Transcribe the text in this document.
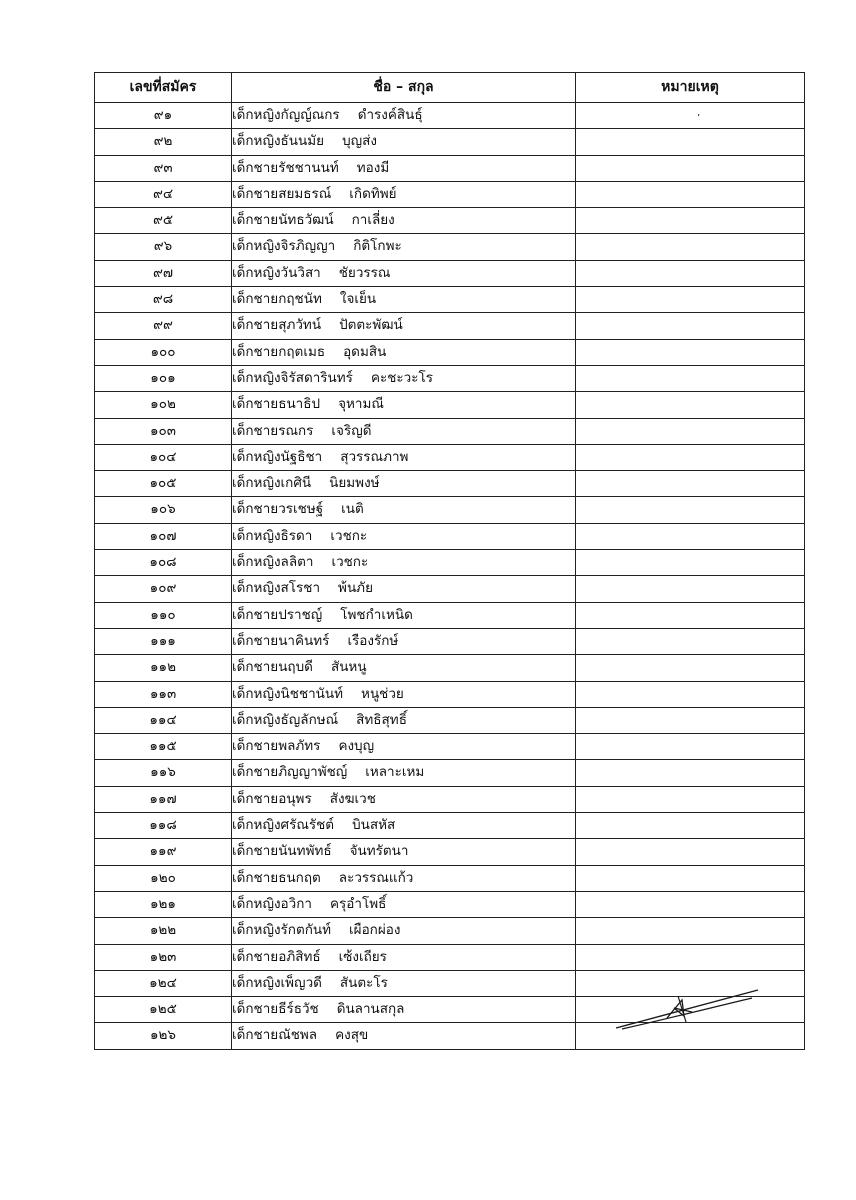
เลขที่สมัคร	ชื่อ – สกุล	หมายเหตุ
๙๑	เด็กหญิงกัญญ์ณกร ดำรงค์สินธุ์	
๙๒	เด็กหญิงธันนมัย บุญส่ง	
๙๓	เด็กชายรัชชานนท์ ทองมี	
๙๔	เด็กชายสยมธรณ์ เกิดทิพย์	
๙๕	เด็กชายนัทธวัฒน์ กาเลี่ยง	
๙๖	เด็กหญิงจิรภิญญา กิติโกพะ	
๙๗	เด็กหญิงวันวิสา ชัยวรรณ	
๙๘	เด็กชายกฤชนัท ใจเย็น	
๙๙	เด็กชายสุภวัทน์ ปัตตะพัฒน์	
๑๐๐	เด็กชายกฤตเมธ อุดมสิน	
๑๐๑	เด็กหญิงจิรัสดารินทร์ คะชะวะโร	
๑๐๒	เด็กชายธนาธิป จุหามณี	
๑๐๓	เด็กชายรณกร เจริญดี	
๑๐๔	เด็กหญิงนัฐธิชา สุวรรณภาพ	
๑๐๕	เด็กหญิงเกศินี นิยมพงษ์	
๑๐๖	เด็กชายวรเชษฐ์ เนติ	
๑๐๗	เด็กหญิงธิรดา เวชกะ	
๑๐๘	เด็กหญิงลลิตา เวชกะ	
๑๐๙	เด็กหญิงสโรชา พ้นภัย	
๑๑๐	เด็กชายปราชญ์ โพชกำเหนิด	
๑๑๑	เด็กชายนาคินทร์ เรืองรักษ์	
๑๑๒	เด็กชายนฤบดี สันหนู	
๑๑๓	เด็กหญิงนิชชานันท์ หนูช่วย	
๑๑๔	เด็กหญิงธัญลักษณ์ สิทธิสุทธิ์	
๑๑๕	เด็กชายพลภัทร คงบุญ	
๑๑๖	เด็กชายภิญญาพัชญ์ เหลาะเหม	
๑๑๗	เด็กชายอนุพร สังฆเวช	
๑๑๘	เด็กหญิงศรัณรัชต์ บินสหัส	
๑๑๙	เด็กชายนันทพัทธ์ จันทรัตนา	
๑๒๐	เด็กชายธนกฤต ละวรรณแก้ว	
๑๒๑	เด็กหญิงอวิกา ครุอำโพธิ์	
๑๒๒	เด็กหญิงรักตกันท์ เผือกผ่อง	
๑๒๓	เด็กชายอภิสิทธ์ เซ้งเถียร	
๑๒๔	เด็กหญิงเพ็ญวดี สันตะโร	
๑๒๕	เด็กชายธีร์ธวัช ดินลานสกุล	
๑๒๖	เด็กชายณัชพล คงสุข	
’
